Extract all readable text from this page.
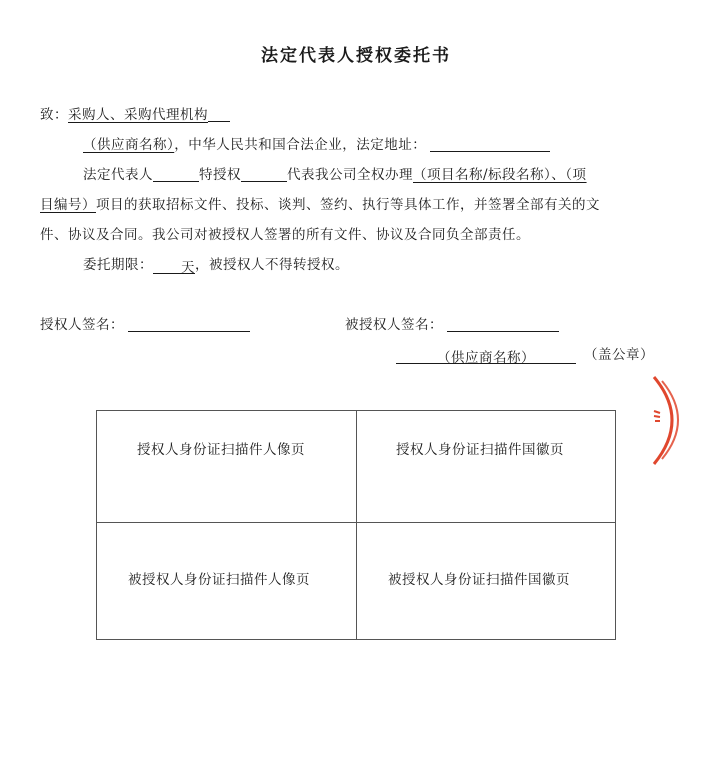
法定代表人授权委托书
致：采购人、采购代理机构
（供应商名称），中华人民共和国合法企业，法定地址：
法定代表人	特授权	代表我公司全权办理（项目名称/标段名称）、（项
目编号）项目的获取招标文件、投标、谈判、签约、执行等具体工作，并签署全部有关的文
件、协议及合同。我公司对被授权人签署的所有文件、协议及合同负全部责任。
委托期限： 天，被授权人不得转授权。
授权人签名：	被授权人签名：
（供应商名称）	（盖公章）
授权人身份证扫描件人像页	授权人身份证扫描件国徽页
被授权人身份证扫描件人像页	被授权人身份证扫描件国徽页
